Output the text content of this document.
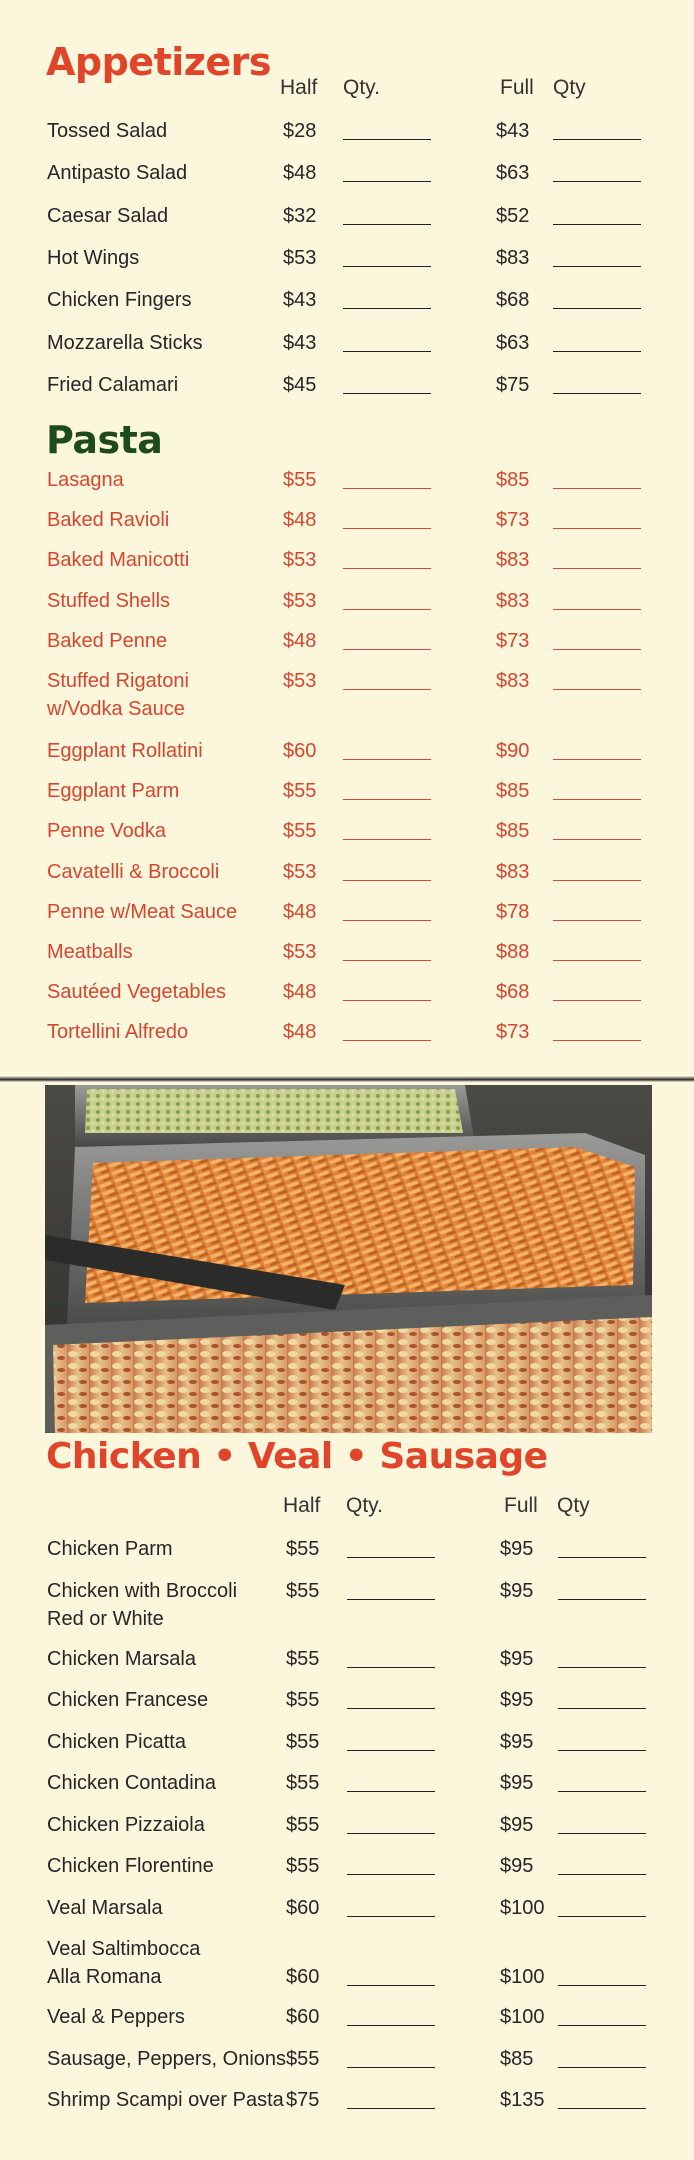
Appetizers
Half Qty.	Full Qty
Tossed Salad	$28	$43
Antipasto Salad	$48	$63
Caesar Salad	$32	$52
Hot Wings	$53	$83
Chicken Fingers	$43	$68
Mozzarella Sticks	$43	$63
Fried Calamari	$45	$75
Pasta
Lasagna	$55	$85
Baked Ravioli	$48	$73
Baked Manicotti	$53	$83
Stuffed Shells	$53	$83
Baked Penne	$48	$73
Stuffed Rigatoni
w/Vodka Sauce
$53	$83
Eggplant Rollatini	$60	$90
Eggplant Parm	$55	$85
Penne Vodka	$55	$85
Cavatelli & Broccoli	$53	$83
Penne w/Meat Sauce $48	$78
Meatballs	$53	$88
Sautéed Vegetables	$48	$68
Tortellini Alfredo	$48	$73
Chicken • Veal • Sausage
Half Qty.	Full Qty
Chicken Parm	$55	$95
Chicken with Broccoli
Red or White
$55	$95
Chicken Marsala	$55	$95
Chicken Francese	$55	$95
Chicken Picatta	$55	$95
Chicken Contadina	$55	$95
Chicken Pizzaiola	$55	$95
Chicken Florentine	$55	$95
Veal Marsala	$60	$100
Veal Saltimbocca
Alla Romana	$60	$100
Veal & Peppers	$60	$100
Sausage, Peppers, Onions $55	$85
Shrimp Scampi over Pasta $75	$135
